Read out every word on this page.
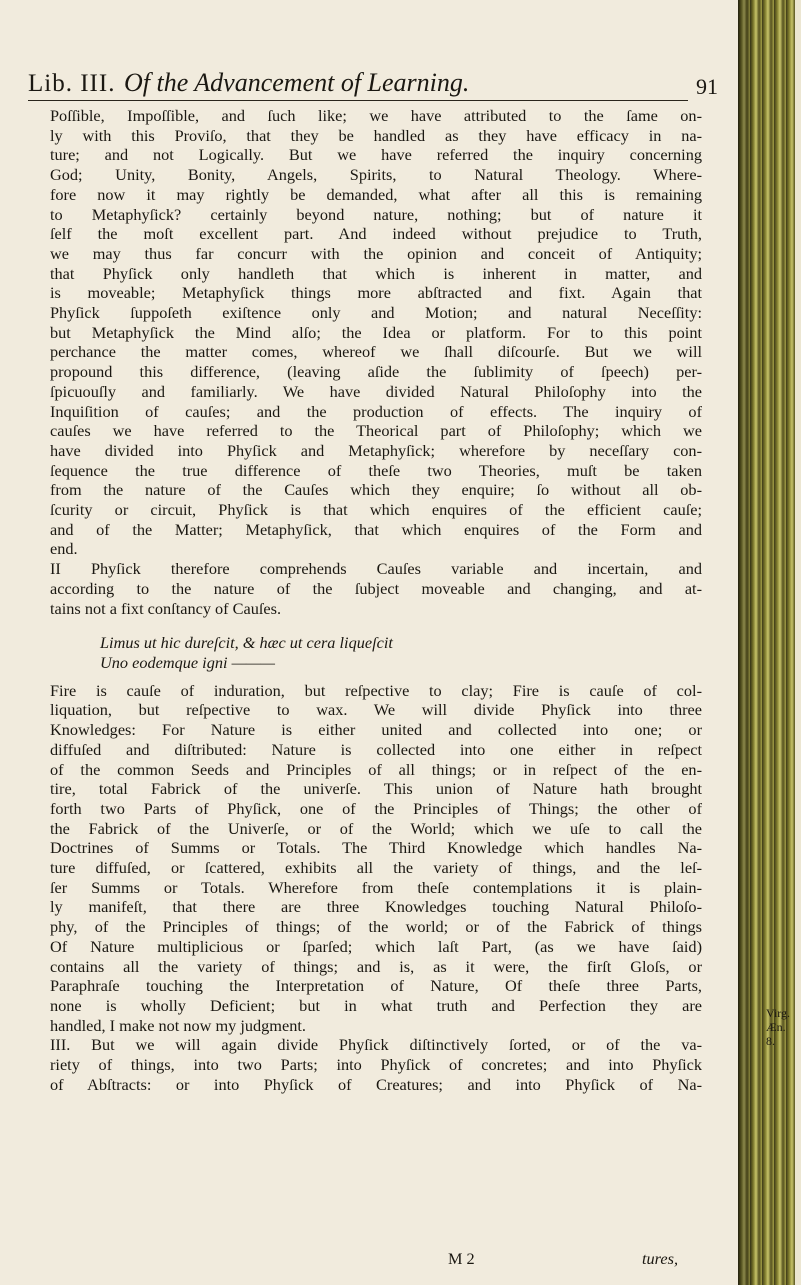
Lib. III. Of the Advancement of Learning.	91

Poſſible, Impoſſible, and ſuch like; we have attributed to the ſame on-

ly with this Proviſo, that they be handled as they have efficacy in na-

ture; and not Logically. But we have referred the inquiry concerning

God; Unity, Bonity, Angels, Spirits, to Natural Theology. Where-

fore now it may rightly be demanded, what after all this is remaining

to Metaphyſick? certainly beyond nature, nothing; but of nature it

ſelf the moſt excellent part. And indeed without prejudice to Truth,

we may thus far concurr with the opinion and conceit of Antiquity;

that Phyſick only handleth that which is inherent in matter, and

is moveable; Metaphyſick things more abſtracted and fixt. Again that

Phyſick ſuppoſeth exiſtence only and Motion; and natural Neceſſity:

but Metaphyſick the Mind alſo; the Idea or platform. For to this point

perchance the matter comes, whereof we ſhall diſcourſe. But we will

propound this difference, (leaving aſide the ſublimity of ſpeech) per-

ſpicuouſly and familiarly. We have divided Natural Philoſophy into the

Inquiſition of cauſes; and the production of effects. The inquiry of

cauſes we have referred to the Theorical part of Philoſophy; which we

have divided into Phyſick and Metaphyſick; wherefore by neceſſary con-

ſequence the true difference of theſe two Theories, muſt be taken

from the nature of the Cauſes which they enquire; ſo without all ob-

ſcurity or circuit, Phyſick is that which enquires of the efficient cauſe;

and of the Matter; Metaphyſick, that which enquires of the Form and

end.

II Phyſick therefore comprehends Cauſes variable and incertain, and

according to the nature of the ſubject moveable and changing, and at-

tains not a fixt conſtancy of Cauſes.

Limus ut hic dureſcit, & hæc ut cera liqueſcit

Uno eodemque igni ———

Fire is cauſe of induration, but reſpective to clay; Fire is cauſe of col-

liquation, but reſpective to wax. We will divide Phyſick into three

Knowledges: For Nature is either united and collected into one; or

diffuſed and diſtributed: Nature is collected into one either in reſpect

of the common Seeds and Principles of all things; or in reſpect of the en-

tire, total Fabrick of the univerſe. This union of Nature hath brought

forth two Parts of Phyſick, one of the Principles of Things; the other of

the Fabrick of the Univerſe, or of the World; which we uſe to call the

Doctrines of Summs or Totals. The Third Knowledge which handles Na-

ture diffuſed, or ſcattered, exhibits all the variety of things, and the leſ-

ſer Summs or Totals. Wherefore from theſe contemplations it is plain-

ly manifeſt, that there are three Knowledges touching Natural Philoſo-

phy, of the Principles of things; of the world; or of the Fabrick of things

Of Nature multiplicious or ſparſed; which laſt Part, (as we have ſaid)

contains all the variety of things; and is, as it were, the firſt Gloſs, or

Paraphraſe touching the Interpretation of Nature, Of theſe three Parts,

none is wholly Deficient; but in what truth and Perfection they are

handled, I make not now my judgment.

III. But we will again divide Phyſick diſtinctively ſorted, or of the va-

riety of things, into two Parts; into Phyſick of concretes; and into Phyſick

of Abſtracts: or into Phyſick of Creatures; and into Phyſick of Na-

M 2	tures,
Virg. Æn.
8.
